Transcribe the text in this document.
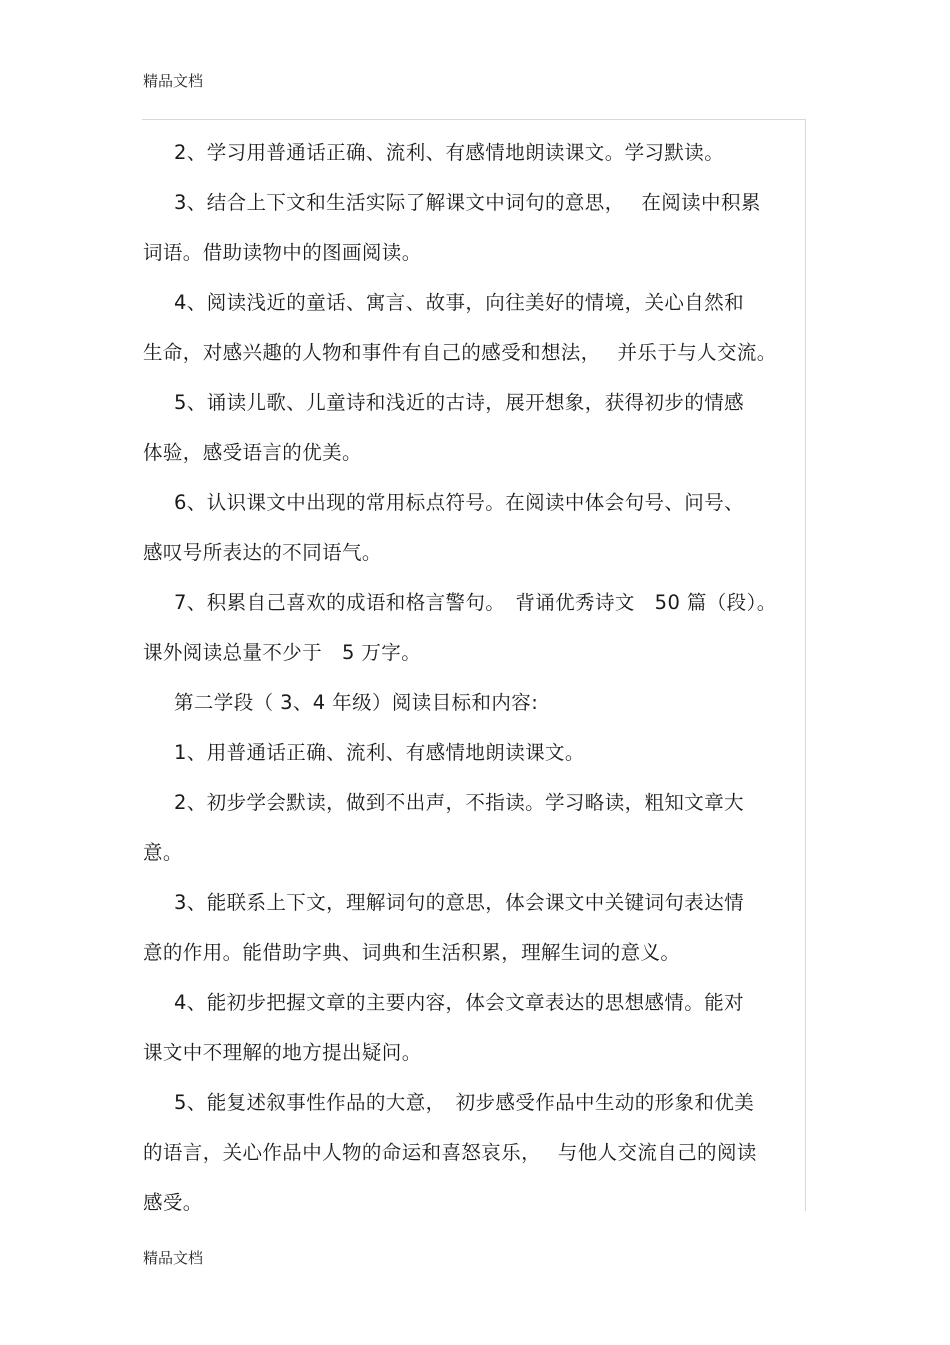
精品文档

2、学习用普通话正确、流利、有感情地朗读课文。学习默读。

3、结合上下文和生活实际了解课文中词句的意思，　 在阅读中积累

词语。借助读物中的图画阅读。

4、阅读浅近的童话、寓言、故事，向往美好的情境，关心自然和

生命，对感兴趣的人物和事件有自己的感受和想法，　 并乐于与人交流。

5、诵读儿歌、儿童诗和浅近的古诗，展开想象，获得初步的情感

体验，感受语言的优美。

6、认识课文中出现的常用标点符号。在阅读中体会句号、问号、

感叹号所表达的不同语气。

7、积累自己喜欢的成语和格言警句。　背诵优秀诗文　50 篇（段）。

课外阅读总量不少于　5 万字。

第二学段（ 3、4 年级）阅读目标和内容:

1、用普通话正确、流利、有感情地朗读课文。

2、初步学会默读，做到不出声，不指读。学习略读，粗知文章大

意。

3、能联系上下文，理解词句的意思，体会课文中关键词句表达情

意的作用。能借助字典、词典和生活积累，理解生词的意义。

4、能初步把握文章的主要内容，体会文章表达的思想感情。能对

课文中不理解的地方提出疑问。

5、能复述叙事性作品的大意，　初步感受作品中生动的形象和优美

的语言，关心作品中人物的命运和喜怒哀乐，　 与他人交流自己的阅读

感受。

精品文档
